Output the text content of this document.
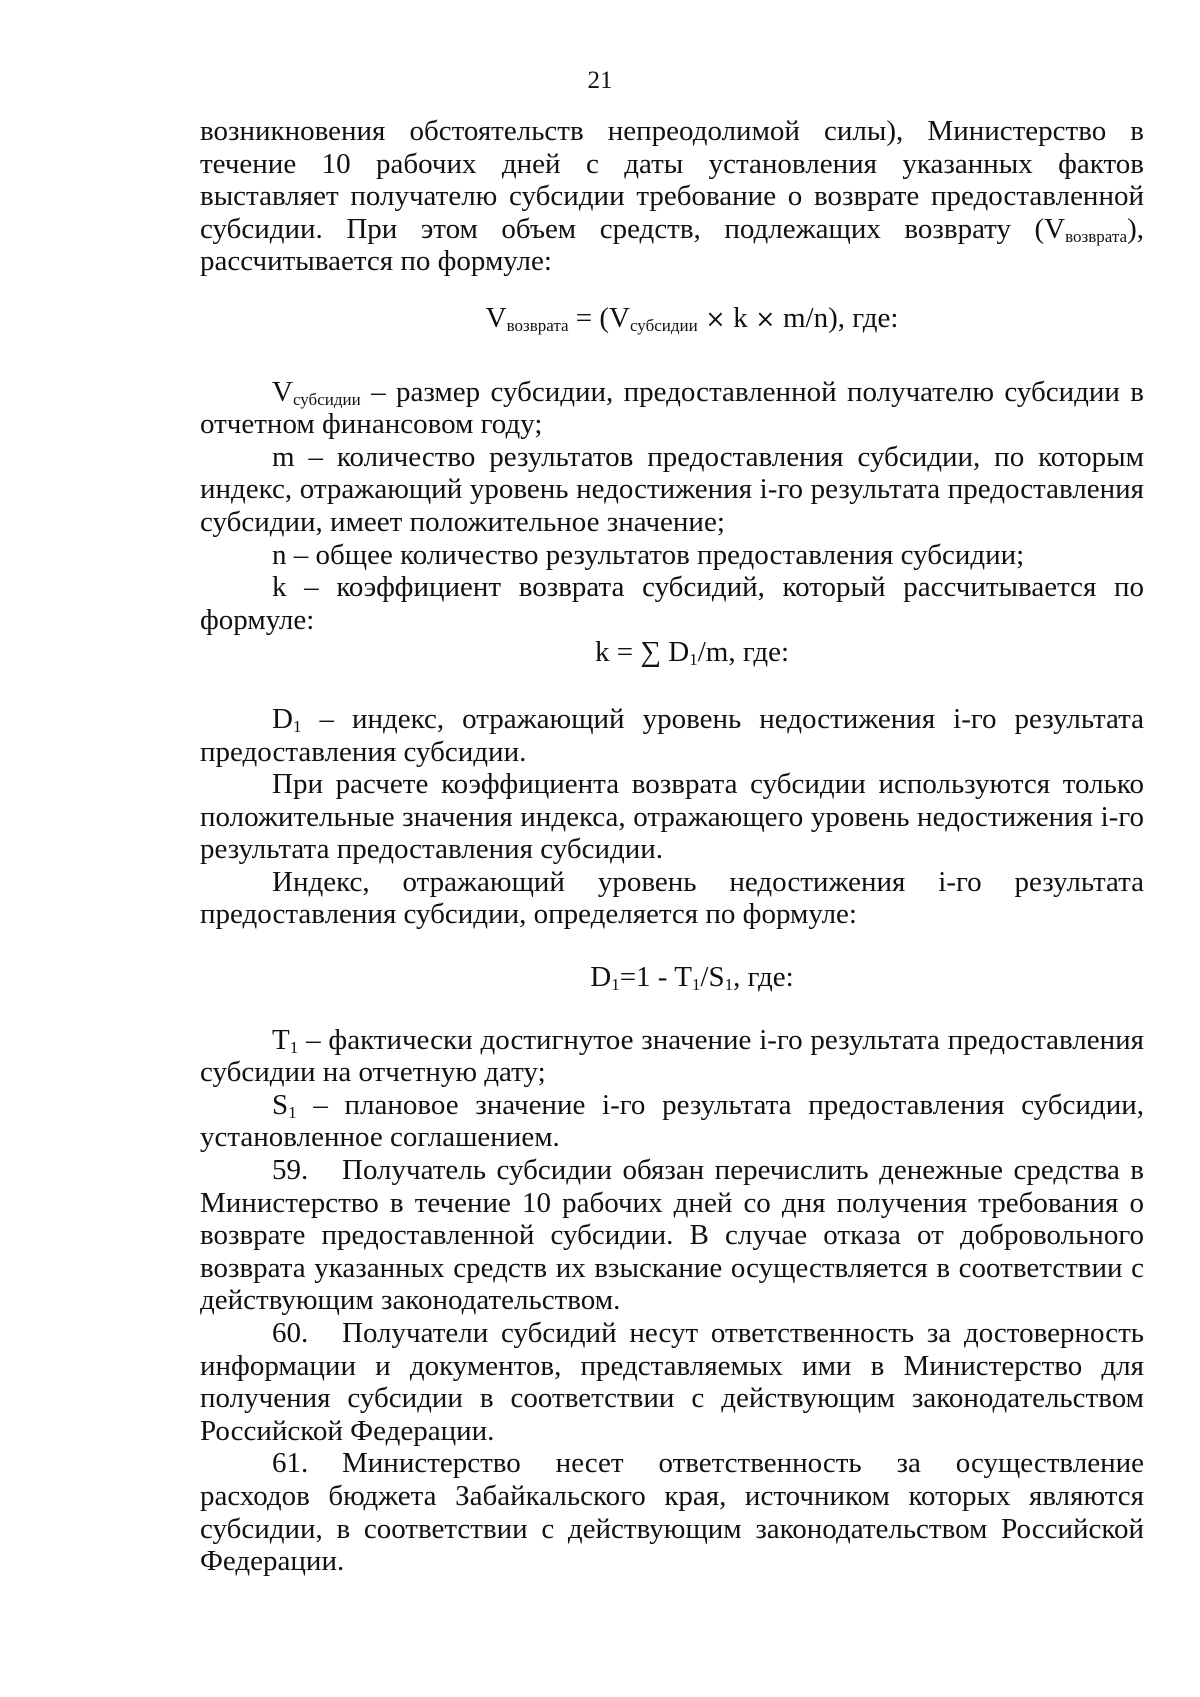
21

возникновения обстоятельств непреодолимой силы), Министерство в течение 10 рабочих дней с даты установления указанных фактов выставляет получателю субсидии требование о возврате предоставленной субсидии. При этом объем средств, подлежащих возврату $(V_{возврата})$, рассчитывается по формуле:

$V_{возврата} = (V_{субсидии} \times k \times m/n)$, где:

$V_{субсидии}$ – размер субсидии, предоставленной получателю субсидии в отчетном финансовом году;

m – количество результатов предоставления субсидии, по которым индекс, отражающий уровень недостижения i-го результата предоставления субсидии, имеет положительное значение;

n – общее количество результатов предоставления субсидии;

k – коэффициент возврата субсидий, который рассчитывается по формуле:

k = ∑ $D_1/m$, где:

$D_1$ – индекс, отражающий уровень недостижения i-го результата предоставления субсидии.

При расчете коэффициента возврата субсидии используются только положительные значения индекса, отражающего уровень недостижения i-го результата предоставления субсидии.

Индекс, отражающий уровень недостижения i-го результата предоставления субсидии, определяется по формуле:

$D_1=1 - T_1/S_1$, где:

$T_1$ – фактически достигнутое значение i-го результата предоставления субсидии на отчетную дату;

$S_1$ – плановое значение i-го результата предоставления субсидии, установленное соглашением.

59. Получатель субсидии обязан перечислить денежные средства в Министерство в течение 10 рабочих дней со дня получения требования о возврате предоставленной субсидии. В случае отказа от добровольного возврата указанных средств их взыскание осуществляется в соответствии с действующим законодательством.

60. Получатели субсидий несут ответственность за достоверность информации и документов, представляемых ими в Министерство для получения субсидии в соответствии с действующим законодательством Российской Федерации.

61. Министерство несет ответственность за осуществление расходов бюджета Забайкальского края, источником которых являются субсидии, в соответствии с действующим законодательством Российской Федерации.
